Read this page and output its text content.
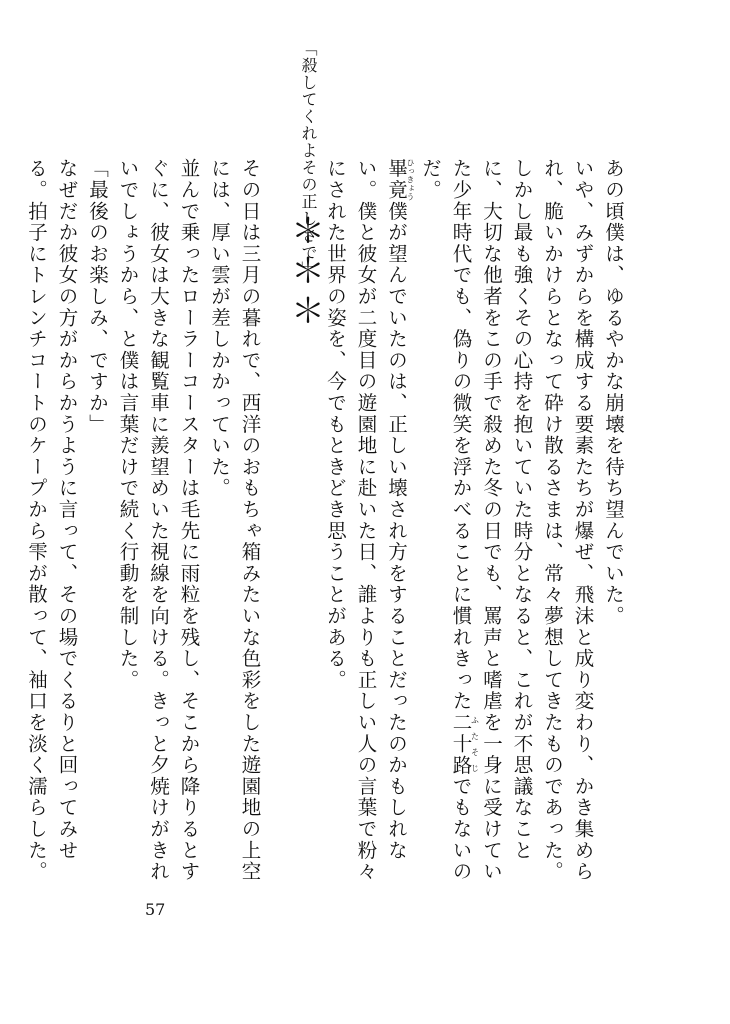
「殺してくれよその正しさで」	あの頃僕は、ゆるやかな崩壊を待ち望んでいた。
いや、みずからを構成する要素たちが爆ぜ、飛沫と成り変わり、かき集められ、脆いかけらとなって砕け散るさまは、常々夢想してきたものであった。
しかし最も強くその心持を抱いていた時分となると、これが不思議なことに、大切な他者をこの手で殺めた冬の日でも、罵声と嗜虐を一身に受けていた少年時代でも、偽りの微笑を浮かべることに慣れきった二十路ふたそじでもないのだ。
畢竟ひっきょう僕が望んでいたのは、正しい壊され方をすることだったのかもしれない。僕と彼女が二度目の遊園地に赴いた日、誰よりも正しい人の言葉で粉々にされた世界の姿を、今でもときどき思うことがある。
＊＊＊
その日は三月の暮れで、西洋のおもちゃ箱みたいな色彩をした遊園地の上空には、厚い雲が差しかかっていた。
並んで乗ったローラーコースターは毛先に雨粒を残し、そこから降りるとすぐに、彼女は大きな観覧車に羨望めいた視線を向ける。きっと夕焼けがきれいでしょうから、と僕は言葉だけで続く行動を制した。
「最後のお楽しみ、ですか」
なぜだか彼女の方がからかうように言って、その場でくるりと回ってみせる。拍子にトレンチコートのケープから雫が散って、袖口を淡く濡らした。
57
